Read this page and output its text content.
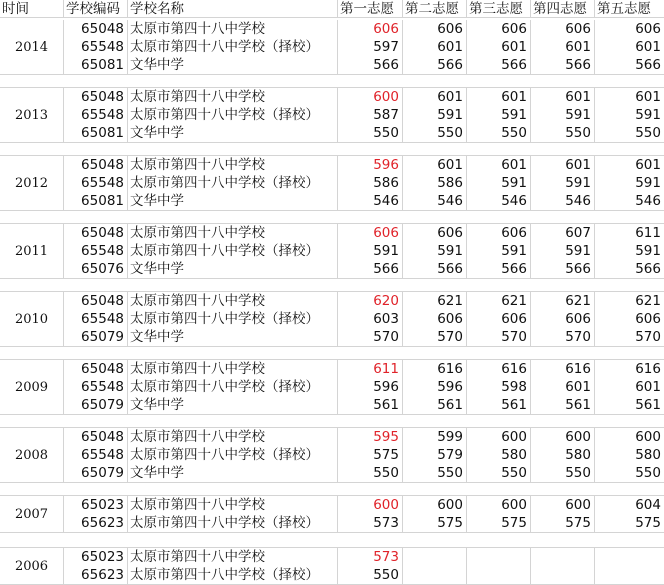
时间	学校编码 学校名称	第一志愿 第二志愿 第三志愿 第四志愿 第五志愿
2014
65048 太原市第四十八中学校	606	606	606	606	606
65548 太原市第四十八中学校（择校）	597	601	601	601	601
65081 文华中学	566	566	566	566	566
2013
65048 太原市第四十八中学校	600	601	601	601	601
65548 太原市第四十八中学校（择校）	587	591	591	591	591
65081 文华中学	550	550	550	550	550
2012
65048 太原市第四十八中学校	596	601	601	601	601
65548 太原市第四十八中学校（择校）	586	586	591	591	591
65081 文华中学	546	546	546	546	546
2011
65048 太原市第四十八中学校	606	606	606	607	611
65548 太原市第四十八中学校（择校）	591	591	591	591	591
65076 文华中学	566	566	566	566	566
2010
65048 太原市第四十八中学校	620	621	621	621	621
65548 太原市第四十八中学校（择校）	603	606	606	606	606
65079 文华中学	570	570	570	570	570
2009
65048 太原市第四十八中学校	611	616	616	616	616
65548 太原市第四十八中学校（择校）	596	596	598	601	601
65079 文华中学	561	561	561	561	561
2008
65048 太原市第四十八中学校	595	599	600	600	600
65548 太原市第四十八中学校（择校）	575	579	580	580	580
65079 文华中学	550	550	550	550	550
2007
65023 太原市第四十八中学校	600	600	600	600	604
65623 太原市第四十八中学校（择校）	573	575	575	575	575
2006
65023 太原市第四十八中学校	573
65623 太原市第四十八中学校（择校）	550
